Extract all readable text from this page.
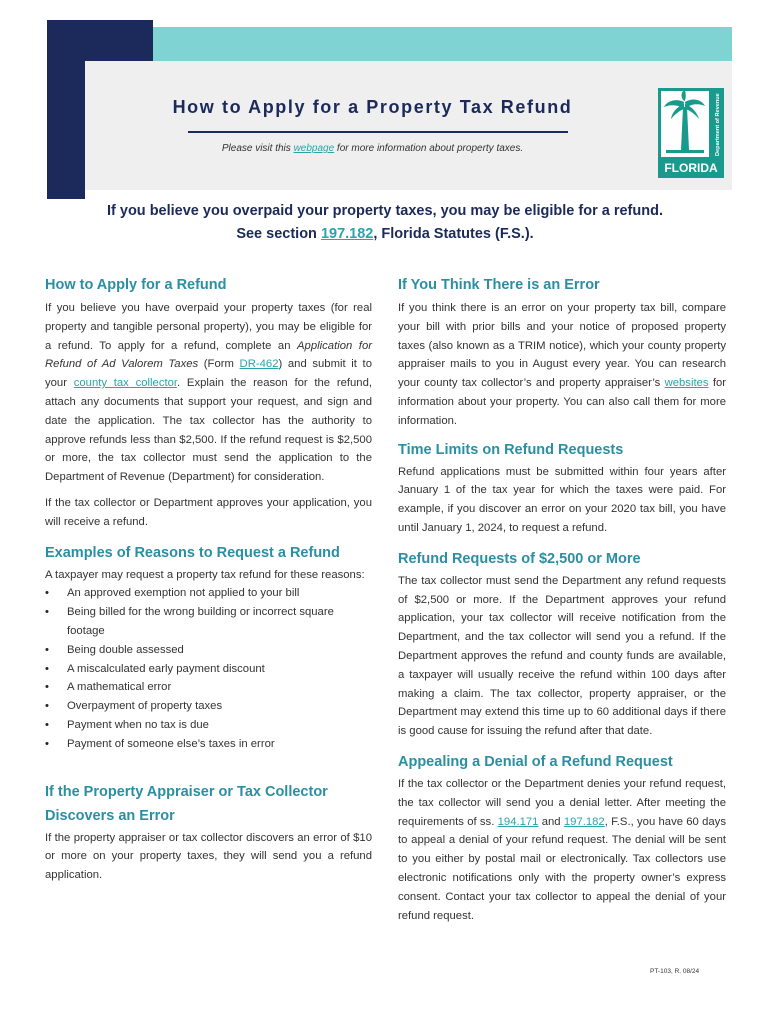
How to Apply for a Property Tax Refund
Please visit this webpage for more information about property taxes.
FLORIDA
Department of Revenue
If you believe you overpaid your property taxes, you may be eligible for a refund.
See section 197.182, Florida Statutes (F.S.).
How to Apply for a Refund

If you believe you have overpaid your property taxes (for real property and tangible personal property), you may be eligible for a refund. To apply for a refund, complete an Application for Refund of Ad Valorem Taxes (Form DR-462) and submit it to your county tax collector. Explain the reason for the refund, attach any documents that support your request, and sign and date the application. The tax collector has the authority to approve refunds less than $2,500. If the refund request is $2,500 or more, the tax collector must send the application to the Department of Revenue (Department) for consideration.

If the tax collector or Department approves your application, you will receive a refund.

Examples of Reasons to Request a Refund

A taxpayer may request a property tax refund for these reasons:

• An approved exemption not applied to your bill
• Being billed for the wrong building or incorrect square footage
• Being double assessed
• A miscalculated early payment discount
• A mathematical error
• Overpayment of property taxes
• Payment when no tax is due
• Payment of someone else’s taxes in error
If the Property Appraiser or Tax Collector
Discovers an Error

If the property appraiser or tax collector discovers an error of $10 or more on your property taxes, they will send you a refund application.

If You Think There is an Error

If you think there is an error on your property tax bill, compare your bill with prior bills and your notice of proposed property taxes (also known as a TRIM notice), which your county property appraiser mails to you in August every year. You can research your county tax collector’s and property appraiser’s websites for information about your property. You can also call them for more information.

Time Limits on Refund Requests

Refund applications must be submitted within four years after January 1 of the tax year for which the taxes were paid. For example, if you discover an error on your 2020 tax bill, you have until January 1, 2024, to request a refund.

Refund Requests of $2,500 or More

The tax collector must send the Department any refund requests of $2,500 or more. If the Department approves your refund application, your tax collector will receive notification from the Department, and the tax collector will send you a refund. If the Department approves the refund and county funds are available, a taxpayer will usually receive the refund within 100 days after making a claim. The tax collector, property appraiser, or the Department may extend this time up to 60 additional days if there is good cause for issuing the refund after that date.

Appealing a Denial of a Refund Request

If the tax collector or the Department denies your refund request, the tax collector will send you a denial letter. After meeting the requirements of ss. 194.171 and 197.182, F.S., you have 60 days to appeal a denial of your refund request. The denial will be sent to you either by postal mail or electronically. Tax collectors use electronic notifications only with the property owner’s express consent. Contact your tax collector to appeal the denial of your refund request.

PT-103, R. 08/24
